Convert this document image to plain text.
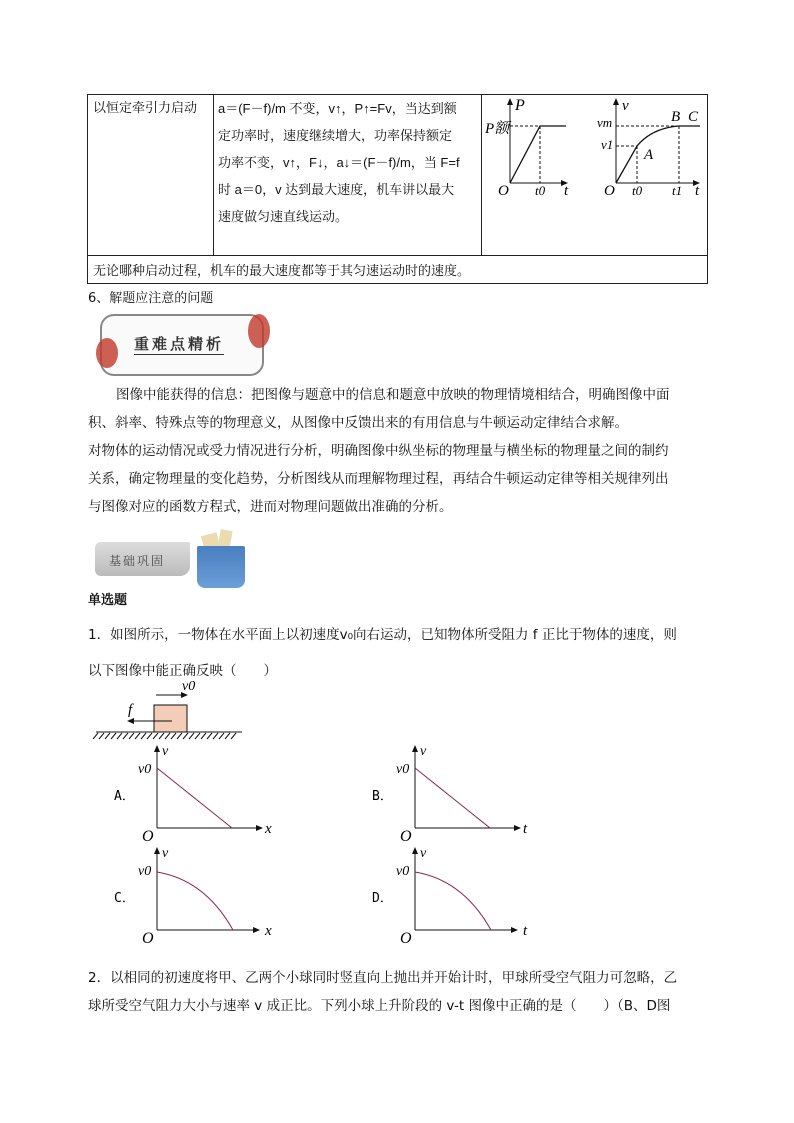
以恒定牵引力启动	a＝(F－f)/m 不变，v↑，P↑=Fv，当达到额
定功率时，速度继续增大，功率保持额定
功率不变，v↑，F↓，a↓＝(F－f)/m，当 F=f
时 a＝0，v 达到最大速度，机车讲以最大
速度做匀速直线运动。

P
P额
O t0 t
v
vm
v1
A
B C
O t0 t1 t

无论哪种启动过程，机车的最大速度都等于其匀速运动时的速度。
6、解题应注意的问题
重难点精析
图像中能获得的信息：把图像与题意中的信息和题意中放映的物理情境相结合，明确图像中面
积、斜率、特殊点等的物理意义，从图像中反馈出来的有用信息与牛顿运动定律结合求解。
对物体的运动情况或受力情况进行分析，明确图像中纵坐标的物理量与横坐标的物理量之间的制约
关系，确定物理量的变化趋势，分析图线从而理解物理过程，再结合牛顿运动定律等相关规律列出
与图像对应的函数方程式，进而对物理问题做出准确的分析。
基础巩固
单选题
1．如图所示，一物体在水平面上以初速度v₀向右运动，已知物体所受阻力 f 正比于物体的速度，则
以下图像中能正确反映（　　）
v0
f
v
v0
O	x
A．
v
v0
O	t
B．
v
v0
O	x
C．
v
v0
O	t
D．
2．以相同的初速度将甲、乙两个小球同时竖直向上抛出并开始计时，甲球所受空气阻力可忽略，乙
球所受空气阻力大小与速率 v 成正比。下列小球上升阶段的 v-t 图像中正确的是（　　）（B、D图
